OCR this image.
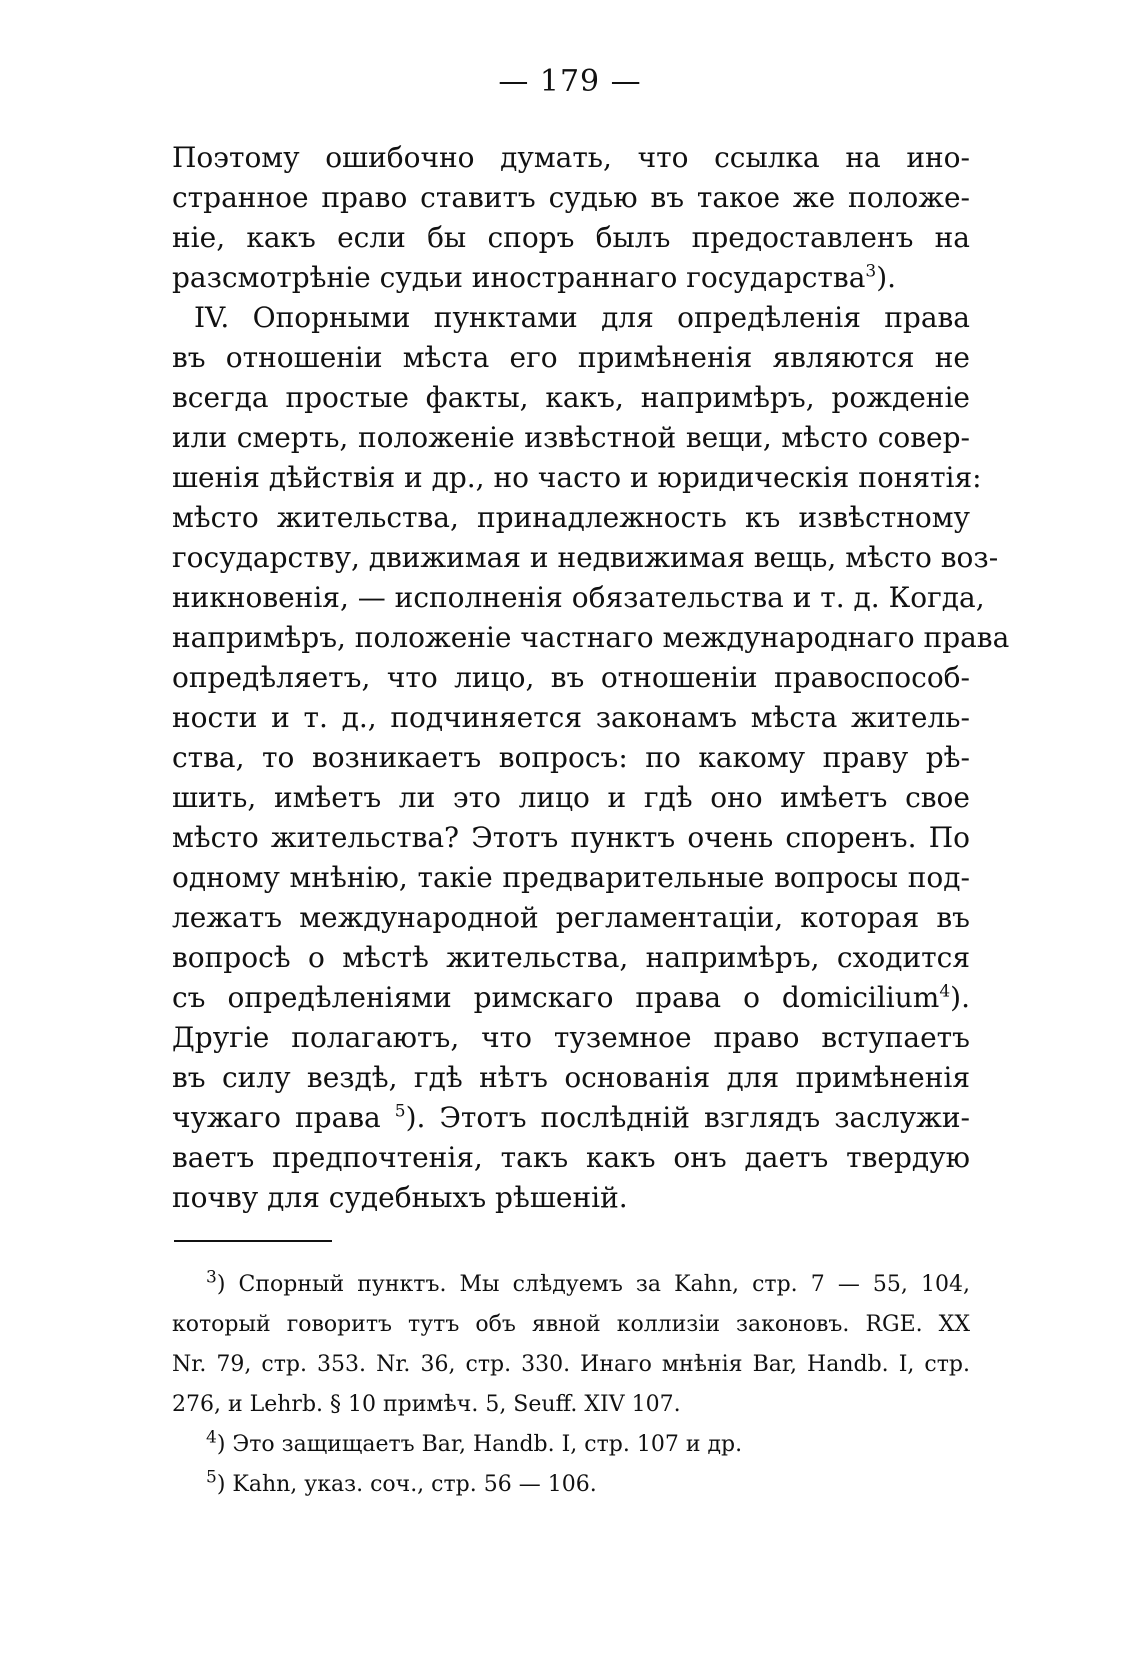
— 179 —
Поэтому ошибочно думать, что ссылка на ино-
странное право ставитъ судью въ такое же положе-
ніе, какъ если бы споръ былъ предоставленъ на
разсмотрѣніе судьи иностраннаго государства$^3$).
IV. Опорными пунктами для опредѣленія права
въ отношеніи мѣста его примѣненія являются не
всегда простые факты, какъ, напримѣръ, рожденіе
или смерть, положеніе извѣстной вещи, мѣсто совер-
шенія дѣйствія и др., но часто и юридическія понятія:
мѣсто жительства, принадлежность къ извѣстному
государству, движимая и недвижимая вещь, мѣсто воз-
никновенія, — исполненія обязательства и т. д. Когда,
напримѣръ, положеніе частнаго международнаго права
опредѣляетъ, что лицо, въ отношеніи правоспособ-
ности и т. д., подчиняется законамъ мѣста житель-
ства, то возникаетъ вопросъ: по какому праву рѣ-
шить, имѣетъ ли это лицо и гдѣ оно имѣетъ свое
мѣсто жительства? Этотъ пунктъ очень споренъ. По
одному мнѣнію, такіе предварительные вопросы под-
лежатъ международной регламентаціи, которая въ
вопросѣ о мѣстѣ жительства, напримѣръ, сходится
съ опредѣленіями римскаго права о domicilium$^4$).
Другіе полагаютъ, что туземное право вступаетъ
въ силу вездѣ, гдѣ нѣтъ основанія для примѣненія
чужаго права $^5$). Этотъ послѣдній взглядъ заслужи-
ваетъ предпочтенія, такъ какъ онъ даетъ твердую
почву для судебныхъ рѣшеній.
$^3$) Спорный пунктъ. Мы слѣдуемъ за Kahn, стр. 7 — 55, 104,
который говоритъ тутъ объ явной коллизіи законовъ. RGE. XX
Nr. 79, стр. 353. Nr. 36, стр. 330. Инаго мнѣнія Bar, Handb. I, стр.
276, и Lehrb. § 10 примѣч. 5, Seuff. XIV 107.
$^4$) Это защищаетъ Bar, Handb. I, стр. 107 и др.
$^5$) Kahn, указ. соч., стр. 56 — 106.
